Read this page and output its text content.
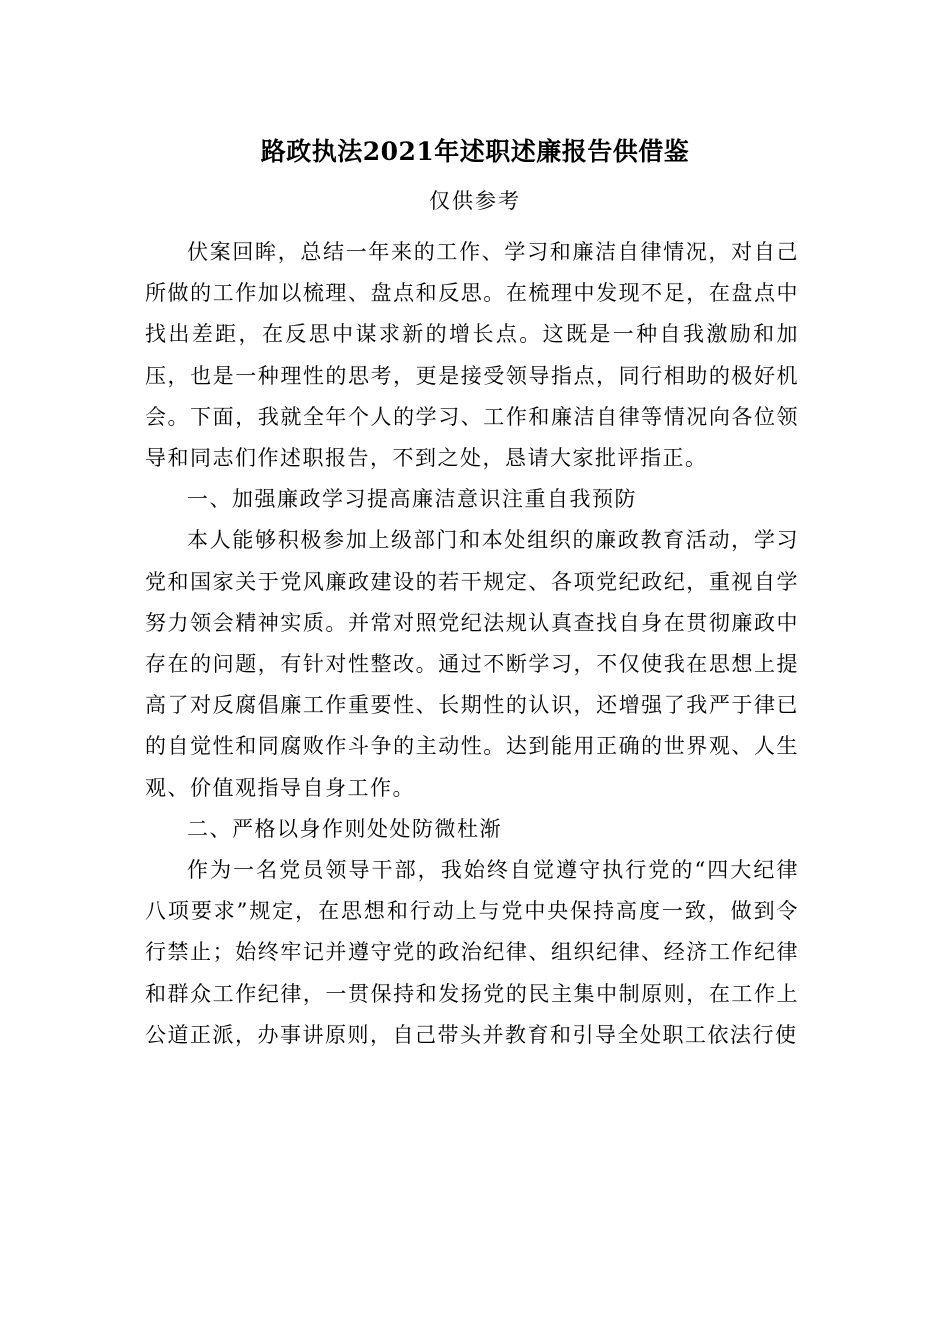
路政执法2021年述职述廉报告供借鉴
仅供参考

伏案回眸，总结一年来的工作、学习和廉洁自律情况，对自己所做的工作加以梳理、盘点和反思。在梳理中发现不足，在盘点中找出差距，在反思中谋求新的增长点。这既是一种自我激励和加压，也是一种理性的思考，更是接受领导指点，同行相助的极好机会。下面，我就全年个人的学习、工作和廉洁自律等情况向各位领导和同志们作述职报告，不到之处，恳请大家批评指正。

一、加强廉政学习提高廉洁意识注重自我预防

本人能够积极参加上级部门和本处组织的廉政教育活动，学习党和国家关于党风廉政建设的若干规定、各项党纪政纪，重视自学努力领会精神实质。并常对照党纪法规认真查找自身在贯彻廉政中存在的问题，有针对性整改。通过不断学习，不仅使我在思想上提高了对反腐倡廉工作重要性、长期性的认识，还增强了我严于律已的自觉性和同腐败作斗争的主动性。达到能用正确的世界观、人生观、价值观指导自身工作。

二、严格以身作则处处防微杜渐

作为一名党员领导干部，我始终自觉遵守执行党的“四大纪律八项要求”规定，在思想和行动上与党中央保持高度一致，做到令行禁止；始终牢记并遵守党的政治纪律、组织纪律、经济工作纪律和群众工作纪律，一贯保持和发扬党的民主集中制原则，在工作上公道正派，办事讲原则，自己带头并教育和引导全处职工依法行使
